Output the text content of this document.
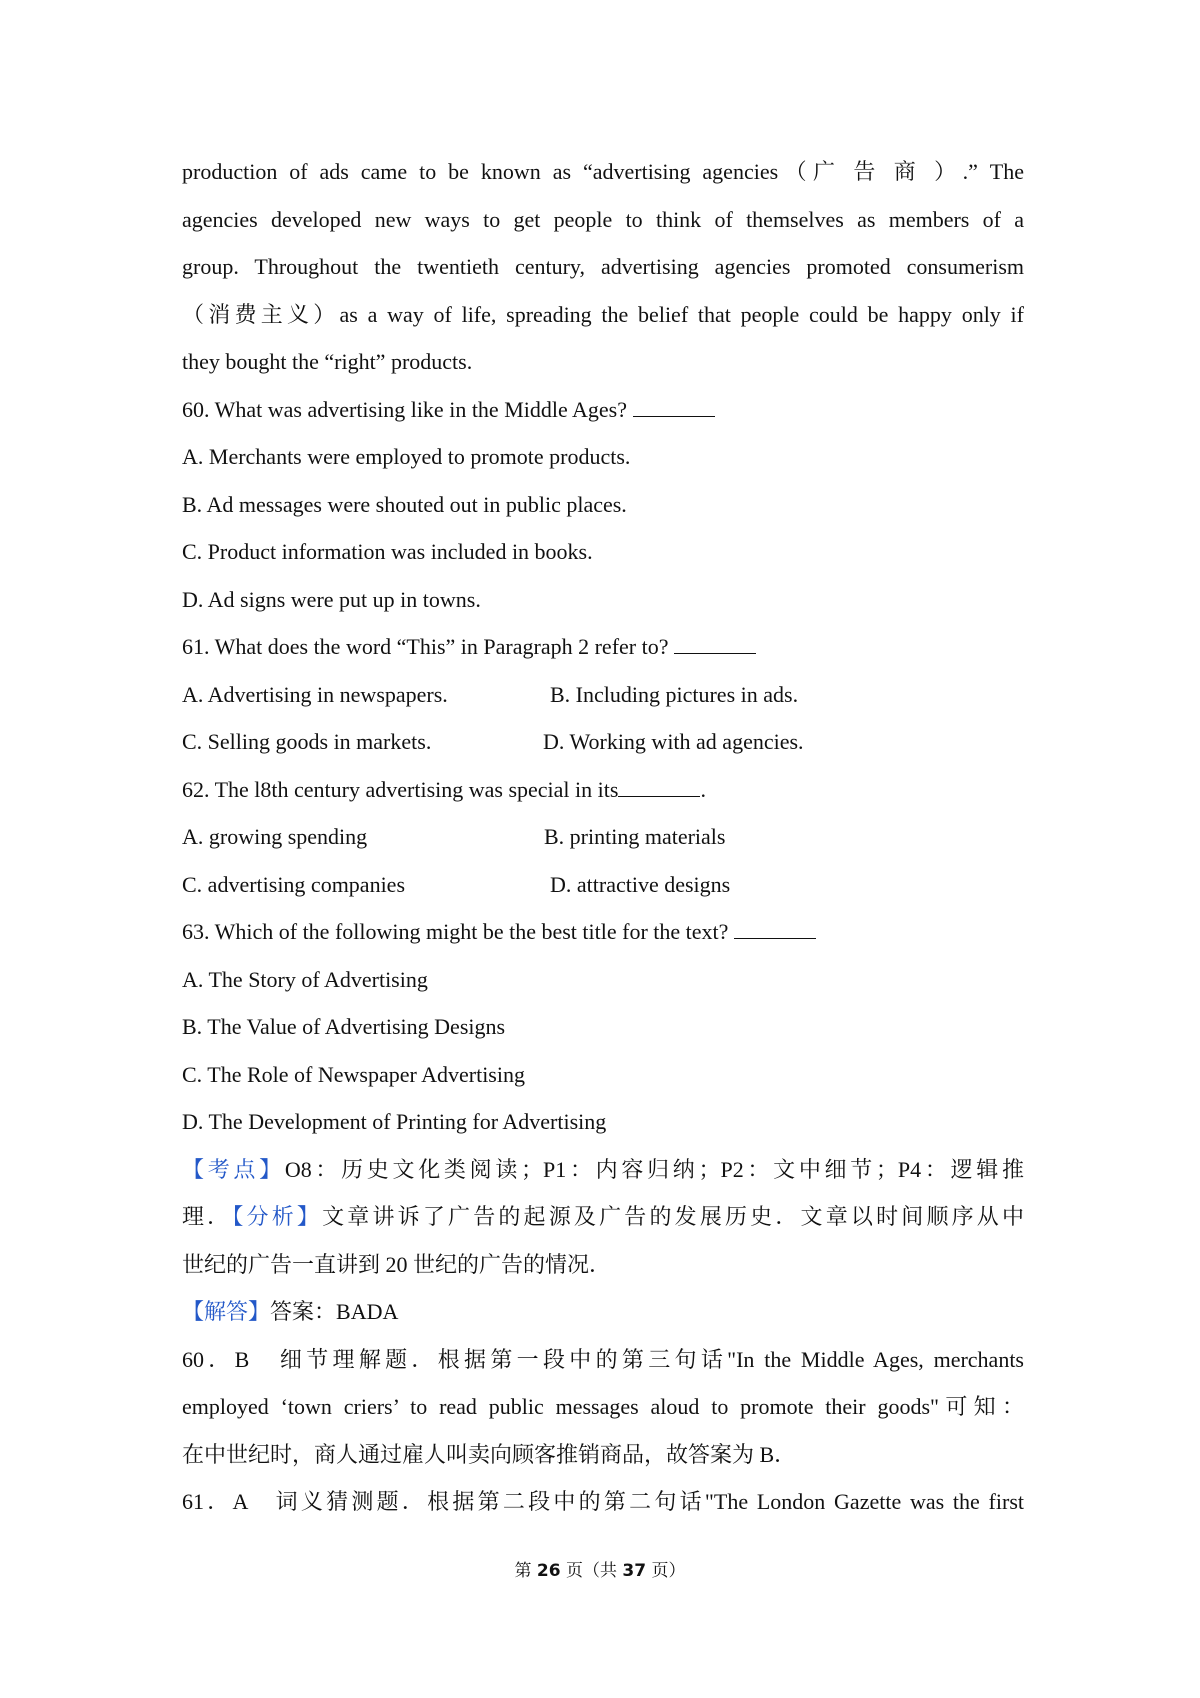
production of ads came to be known as “advertising agencies（广 告 商 ）.” The
agencies developed new ways to get people to think of themselves as members of a
group. Throughout the twentieth century, advertising agencies promoted consumerism
（消费主义）as a way of life, spreading the belief that people could be happy only if
they bought the “right” products.
60. What was advertising like in the Middle Ages?
A. Merchants were employed to promote products.
B. Ad messages were shouted out in public places.
C. Product information was included in books.
D. Ad signs were put up in towns.
61. What does the word “This” in Paragraph 2 refer to?
A. Advertising in newspapers.	B. Including pictures in ads.
C. Selling goods in markets.	D. Working with ad agencies.
62. The l8th century advertising was special in its	.
A. growing spending	B. printing materials
C. advertising companies	D. attractive designs
63. Which of the following might be the best title for the text?
A. The Story of Advertising
B. The Value of Advertising Designs
C. The Role of Newspaper Advertising
D. The Development of Printing for Advertising
【考点】O8：历史文化类阅读；P1：内容归纳；P2：文中细节；P4：逻辑推
理．【分析】文章讲诉了广告的起源及广告的发展历史．文章以时间顺序从中
世纪的广告一直讲到 20 世纪的广告的情况．
【解答】答案：BADA
60．B　细节理解题．根据第一段中的第三句话"In the Middle Ages, merchants
employed ‘town criers’ to read public messages aloud to promote their goods"可知：
在中世纪时，商人通过雇人叫卖向顾客推销商品，故答案为 B．
61．A　词义猜测题．根据第二段中的第二句话"The London Gazette was the first
第 26 页（共 37 页）
